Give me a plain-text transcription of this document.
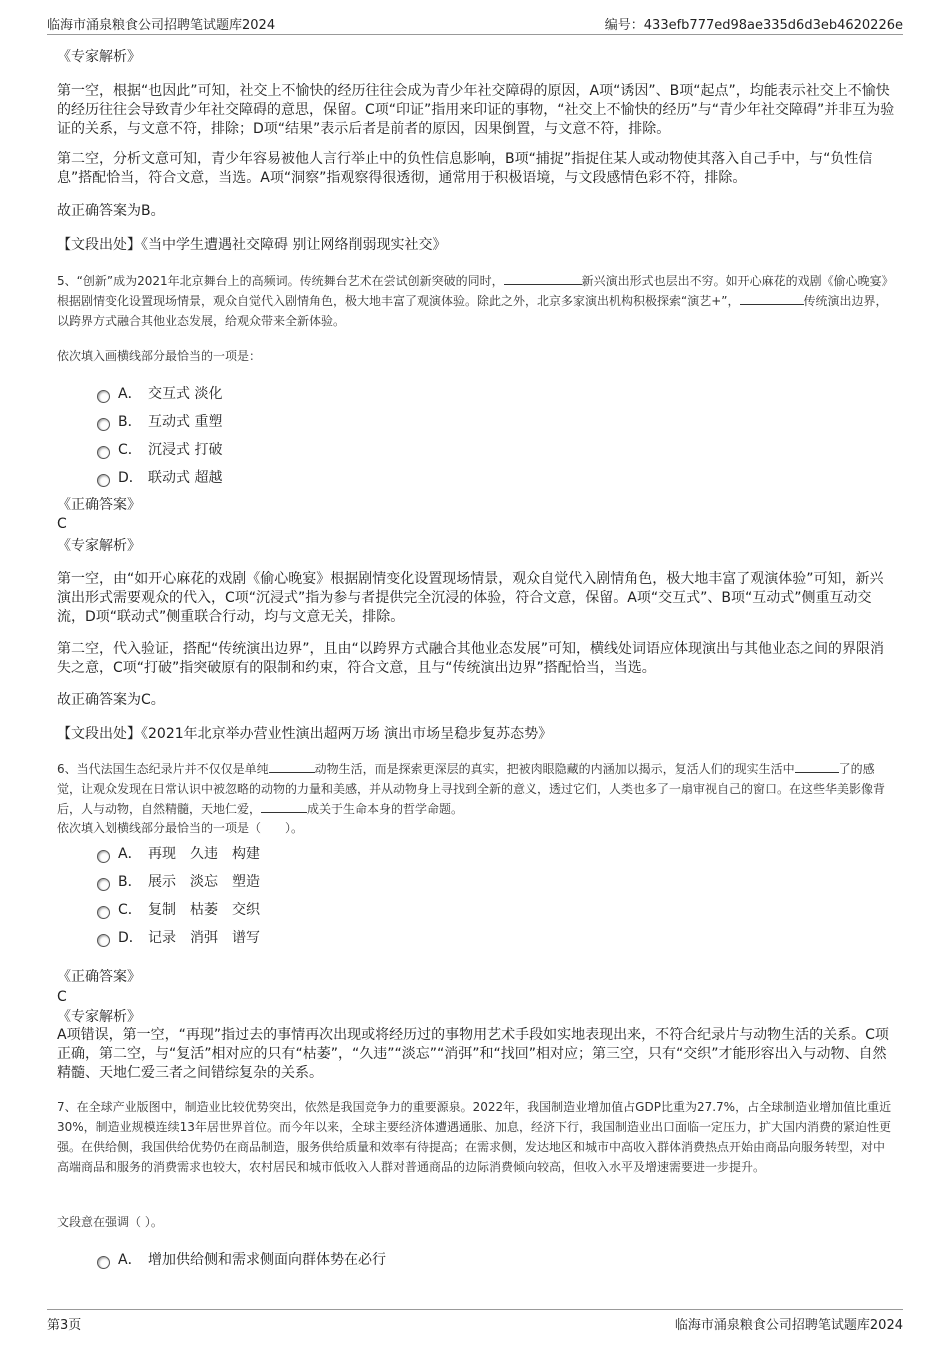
临海市涌泉粮食公司招聘笔试题库2024	编号：433efb777ed98ae335d6d3eb4620226e
《专家解析》
第一空，根据“也因此”可知，社交上不愉快的经历往往会成为青少年社交障碍的原因，A项“诱因”、B项“起点”，均能表示社交上不愉快的经历往往会导致青少年社交障碍的意思，保留。C项“印证”指用来印证的事物，“社交上不愉快的经历”与“青少年社交障碍”并非互为验证的关系，与文意不符，排除；D项“结果”表示后者是前者的原因，因果倒置，与文意不符，排除。
第二空，分析文意可知，青少年容易被他人言行举止中的负性信息影响，B项“捕捉”指捉住某人或动物使其落入自己手中，与“负性信息”搭配恰当，符合文意，当选。A项“洞察”指观察得很透彻，通常用于积极语境，与文段感情色彩不符，排除。
故正确答案为B。
【文段出处】《当中学生遭遇社交障碍 别让网络削弱现实社交》
5、“创新”成为2021年北京舞台上的高频词。传统舞台艺术在尝试创新突破的同时，	新兴演出形式也层出不穷。如开心麻花的戏剧《偷心晚宴》根据剧情变化设置现场情景，观众自觉代入剧情角色，极大地丰富了观演体验。除此之外，北京多家演出机构积极探索“演艺+”，	传统演出边界，以跨界方式融合其他业态发展，给观众带来全新体验。
依次填入画横线部分最恰当的一项是：
A． 交互式 淡化
B． 互动式 重塑
C． 沉浸式 打破
D． 联动式 超越
《正确答案》
C
《专家解析》
第一空，由“如开心麻花的戏剧《偷心晚宴》根据剧情变化设置现场情景，观众自觉代入剧情角色，极大地丰富了观演体验”可知，新兴演出形式需要观众的代入，C项“沉浸式”指为参与者提供完全沉浸的体验，符合文意，保留。A项“交互式”、B项“互动式”侧重互动交流，D项“联动式”侧重联合行动，均与文意无关，排除。
第二空，代入验证，搭配“传统演出边界”，且由“以跨界方式融合其他业态发展”可知，横线处词语应体现演出与其他业态之间的界限消失之意，C项“打破”指突破原有的限制和约束，符合文意，且与“传统演出边界”搭配恰当，当选。
故正确答案为C。
【文段出处】《2021年北京举办营业性演出超两万场 演出市场呈稳步复苏态势》
6、当代法国生态纪录片并不仅仅是单纯	动物生活，而是探索更深层的真实，把被肉眼隐藏的内涵加以揭示，复活人们的现实生活中	了的感觉，让观众发现在日常认识中被忽略的动物的力量和美感，并从动物身上寻找到全新的意义，透过它们，人类也多了一扇审视自己的窗口。在这些华美影像背后，人与动物，自然精髓，天地仁爱，	成关于生命本身的哲学命题。
依次填入划横线部分最恰当的一项是（　　）。
A． 再现 久违 构建
B． 展示 淡忘 塑造
C． 复制 枯萎 交织
D． 记录 消弭 谱写
《正确答案》
C
《专家解析》
A项错误，第一空，“再现”指过去的事情再次出现或将经历过的事物用艺术手段如实地表现出来，不符合纪录片与动物生活的关系。C项正确，第二空，与“复活”相对应的只有“枯萎”，“久违”“淡忘”“消弭”和“找回”相对应；第三空，只有“交织”才能形容出入与动物、自然精髓、天地仁爱三者之间错综复杂的关系。
7、在全球产业版图中，制造业比较优势突出，依然是我国竞争力的重要源泉。2022年，我国制造业增加值占GDP比重为27.7%，占全球制造业增加值比重近30%，制造业规模连续13年居世界首位。而今年以来，全球主要经济体遭遇通胀、加息，经济下行，我国制造业出口面临一定压力，扩大国内消费的紧迫性更强。在供给侧，我国供给优势仍在商品制造，服务供给质量和效率有待提高；在需求侧，发达地区和城市中高收入群体消费热点开始由商品向服务转型，对中高端商品和服务的消费需求也较大，农村居民和城市低收入人群对普通商品的边际消费倾向较高，但收入水平及增速需要进一步提升。
文段意在强调（ ）。
A． 增加供给侧和需求侧面向群体势在必行
第3页	临海市涌泉粮食公司招聘笔试题库2024
